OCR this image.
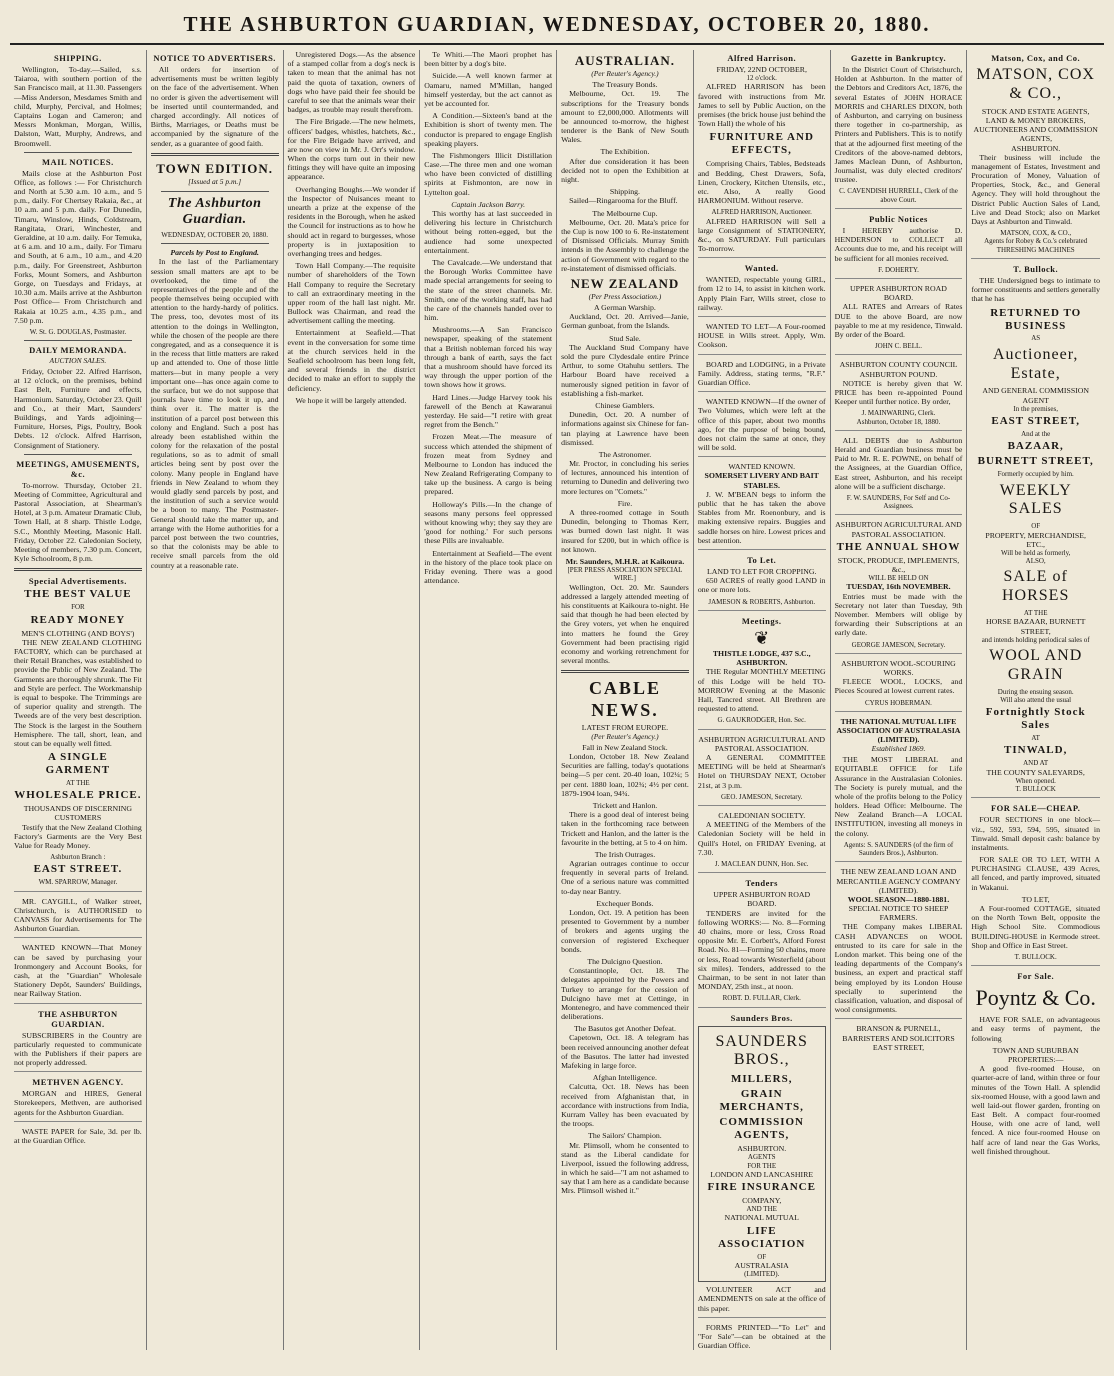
THE ASHBURTON GUARDIAN, WEDNESDAY, OCTOBER 20, 1880.
SHIPPING.

Wellington, To-day.—Sailed, s.s. Taiaroa, with southern portion of the San Francisco mail, at 11.30. Passengers—Miss Anderson, Mesdames Smith and child, Murphy, Percival, and Holmes; Captains Logan and Cameron; and Messrs Monkman, Morgan, Willis, Dalston, Watt, Murphy, Andrews, and Broomwell.

MAIL NOTICES.

Mails close at the Ashburton Post Office, as follows :— For Christchurch and North at 5.30 a.m. 10 a.m., and 5 p.m., daily. For Chertsey Rakaia, &c., at 10 a.m. and 5 p.m. daily. For Dunedin, Timaru, Winslow, Hinds, Coldstream, Rangitata, Orari, Winchester, and Geraldine, at 10 a.m. daily. For Temuka, at 6 a.m. and 10 a.m., daily. For Timaru and South, at 6 a.m., 10 a.m., and 4.20 p.m., daily. For Greenstreet, Ashburton Forks, Mount Somers, and Ashburton Gorge, on Tuesdays and Fridays, at 10.30 a.m. Mails arrive at the Ashburton Post Office— From Christchurch and Rakaia at 10.25 a.m., 4.35 p.m., and 7.50 p.m.

W. St. G. DOUGLAS, Postmaster.
DAILY MEMORANDA.
AUCTION SALES.

Friday, October 22. Alfred Harrison, at 12 o'clock, on the premises, behind East Belt, Furniture and effects, Harmonium. Saturday, October 23. Quill and Co., at their Mart, Saunders' Buildings, and Yards adjoining—Furniture, Horses, Pigs, Poultry, Book Debts. 12 o'clock. Alfred Harrison, Consignment of Stationery.

MEETINGS, AMUSEMENTS, &c.

To-morrow. Thursday, October 21. Meeting of Committee, Agricultural and Pastoral Association, at Shearman's Hotel, at 3 p.m. Amateur Dramatic Club, Town Hall, at 8 sharp. Thistle Lodge, S.C., Monthly Meeting, Masonic Hall. Friday, October 22. Caledonian Society, Meeting of members, 7.30 p.m. Concert, Kyle Schoolroom, 8 p.m.

Special Advertisements.
THE BEST VALUE
FOR
READY MONEY
MEN'S CLOTHING (AND BOYS')

THE NEW ZEALAND CLOTHING FACTORY, which can be purchased at their Retail Branches, was established to provide the Public of New Zealand. The Garments are thoroughly shrunk. The Fit and Style are perfect. The Workmanship is equal to bespoke. The Trimmings are of superior quality and strength. The Tweeds are of the very best description. The Stock is the largest in the Southern Hemisphere. The tall, short, lean, and stout can be equally well fitted.

A SINGLE GARMENT
AT THE
WHOLESALE PRICE.
THOUSANDS OF DISCERNING CUSTOMERS

Testify that the New Zealand Clothing Factory's Garments are the Very Best Value for Ready Money.

Ashburton Branch :
EAST STREET.
WM. SPARROW, Manager.

MR. CAYGILL, of Walker street, Christchurch, is AUTHORISED to CANVASS for Advertisements for The Ashburton Guardian.

WANTED KNOWN—That Money can be saved by purchasing your Ironmongery and Account Books, for cash, at the "Guardian" Wholesale Stationery Depôt, Saunders' Buildings, near Railway Station.

THE ASHBURTON GUARDIAN.

SUBSCRIBERS in the Country are particularly requested to communicate with the Publishers if their papers are not properly addressed.

METHVEN AGENCY.

MORGAN and HIRES, General Storekeepers, Methven, are authorised agents for the Ashburton Guardian.

WASTE PAPER for Sale, 3d. per lb. at the Guardian Office.

NOTICE TO ADVERTISERS.

All orders for insertion of advertisements must be written legibly on the face of the advertisement. When no order is given the advertisement will be inserted until countermanded, and charged accordingly. All notices of Births, Marriages, or Deaths must be accompanied by the signature of the sender, as a guarantee of good faith.

TOWN EDITION.
[Issued at 5 p.m.]
The Ashburton Guardian.
WEDNESDAY, OCTOBER 20, 1880.
Parcels by Post to England.

In the last of the Parliamentary session small matters are apt to be overlooked, the time of the representatives of the people and of the people themselves being occupied with attention to the hardy-hardy of politics. The press, too, devotes most of its attention to the doings in Wellington, while the chosen of the people are there congregated, and as a consequence it is in the recess that little matters are raked up and attended to. One of those little matters—but in many people a very important one—has once again come to the surface, but we do not suppose that journals have time to look it up, and think over it. The matter is the institution of a parcel post between this colony and England. Such a post has already been established within the colony for the relaxation of the postal regulations, so as to admit of small articles being sent by post over the colony. Many people in England have friends in New Zealand to whom they would gladly send parcels by post, and the institution of such a service would be a boon to many. The Postmaster-General should take the matter up, and arrange with the Home authorities for a parcel post between the two countries, so that the colonists may be able to receive small parcels from the old country at a reasonable rate.

Unregistered Dogs.—As the absence of a stamped collar from a dog's neck is taken to mean that the animal has not paid the quota of taxation, owners of dogs who have paid their fee should be careful to see that the animals wear their badges, as trouble may result therefrom.

The Fire Brigade.—The new helmets, officers' badges, whistles, hatchets, &c., for the Fire Brigade have arrived, and are now on view in Mr. J. Orr's window. When the corps turn out in their new fittings they will have quite an imposing appearance.

Overhanging Boughs.—We wonder if the Inspector of Nuisances meant to unearth a prize at the expense of the residents in the Borough, when he asked the Council for instructions as to how he should act in regard to burgesses, whose property is in juxtaposition to overhanging trees and hedges.

Town Hall Company.—The requisite number of shareholders of the Town Hall Company to require the Secretary to call an extraordinary meeting in the upper room of the hall last night. Mr. Bullock was Chairman, and read the advertisement calling the meeting.

Entertainment at Seafield.—That event in the conversation for some time at the church services held in the Seafield schoolroom has been long felt, and several friends in the district decided to make an effort to supply the deficiency.

We hope it will be largely attended.

Te Whiti.—The Maori prophet has been bitter by a dog's bite.

Suicide.—A well known farmer at Oamaru, named M'Millan, hanged himself yesterday, but the act cannot as yet be accounted for.

A Condition.—Sixteen's band at the Exhibition is short of twenty men. The conductor is prepared to engage English speaking players.

The Fishmongers Illicit Distillation Case.—The three men and one woman who have been convicted of distilling spirits at Fishmonton, are now in Lyttelton goal.

Captain Jackson Barry.

This worthy has at last succeeded in delivering his lecture in Christchurch without being rotten-egged, but the audience had some unexpected entertainment.

The Cavalcade.—We understand that the Borough Works Committee have made special arrangements for seeing to the state of the street channels. Mr. Smith, one of the working staff, has had the care of the channels handed over to him.

Mushrooms.—A San Francisco newspaper, speaking of the statement that a British nobleman forced his way through a bank of earth, says the fact that a mushroom should have forced its way through the upper portion of the town shows how it grows.

Hard Lines.—Judge Harvey took his farewell of the Bench at Kawaranui yesterday. He said—"I retire with great regret from the Bench."

Frozen Meat.—The measure of success which attended the shipment of frozen meat from Sydney and Melbourne to London has induced the New Zealand Refrigerating Company to take up the business. A cargo is being prepared.

Holloway's Pills.—In the change of seasons many persons feel oppressed without knowing why; they say they are 'good for nothing.' For such persons these Pills are invaluable.

Entertainment at Seafield—The event in the history of the place took place on Friday evening. There was a good attendance.

AUSTRALIAN.
(Per Reuter's Agency.)
The Treasury Bonds.

Melbourne, Oct. 19. The subscriptions for the Treasury bonds amount to £2,000,000. Allotments will be announced to-morrow, the highest tenderer is the Bank of New South Wales.

The Exhibition.

After due consideration it has been decided not to open the Exhibition at night.

Shipping.

Sailed—Ringarooma for the Bluff.

The Melbourne Cup.

Melbourne, Oct. 20. Mata's price for the Cup is now 100 to 6. Re-instatement of Dismissed Officials. Murray Smith intends in the Assembly to challenge the action of Government with regard to the re-instatement of dismissed officials.

NEW ZEALAND
(Per Press Association.)
A German Warship.

Auckland, Oct. 20. Arrived—Janie, German gunboat, from the Islands.

Stud Sale.

The Auckland Stud Company have sold the pure Clydesdale entire Prince Arthur, to some Otahuhu settlers. The Harbour Board have received a numerously signed petition in favor of establishing a fish-market.

Chinese Gamblers.

Dunedin, Oct. 20. A number of informations against six Chinese for fan-tan playing at Lawrence have been dismissed.

The Astronomer.

Mr. Proctor, in concluding his series of lectures, announced his intention of returning to Dunedin and delivering two more lectures on "Comets."

Fire.

A three-roomed cottage in South Dunedin, belonging to Thomas Kerr, was burned down last night. It was insured for £200, but in which office is not known.

Mr. Saunders, M.H.R. at Kaikoura.
[PER PRESS ASSOCIATION SPECIAL WIRE.]

Wellington, Oct. 20. Mr. Saunders addressed a largely attended meeting of his constituents at Kaikoura to-night. He said that though he had been elected by the Grey voters, yet when he enquired into matters he found the Grey Government had been practising rigid economy and working retrenchment for several months.

CABLE NEWS.
LATEST FROM EUROPE.
(Per Reuter's Agency.)
Fall in New Zealand Stock.

London, October 18. New Zealand Securities are falling, today's quotations being—5 per cent. 20-40 loan, 102¼; 5 per cent. 1880 loan, 102¾; 4½ per cent. 1879-1904 loan, 94¾.

Trickett and Hanlon.

There is a good deal of interest being taken in the forthcoming race between Trickett and Hanlon, and the latter is the favourite in the betting, at 5 to 4 on him.

The Irish Outrages.

Agrarian outrages continue to occur frequently in several parts of Ireland. One of a serious nature was committed to-day near Bantry.

Exchequer Bonds.

London, Oct. 19. A petition has been presented to Government by a number of brokers and agents urging the conversion of registered Exchequer bonds.

The Dulcigno Question.

Constantinople, Oct. 18. The delegates appointed by the Powers and Turkey to arrange for the cession of Dulcigno have met at Cettinge, in Montenegro, and have commenced their deliberations.

The Basutos get Another Defeat.

Capetown, Oct. 18. A telegram has been received announcing another defeat of the Basutos. The latter had invested Mafeking in large force.

Afghan Intelligence.

Calcutta, Oct. 18. News has been received from Afghanistan that, in accordance with instructions from India, Kurram Valley has been evacuated by the troops.

The Sailors' Champion.

Mr. Plimsoll, whom he consented to stand as the Liberal candidate for Liverpool, issued the following address, in which he said—"I am not ashamed to say that I am here as a candidate because Mrs. Plimsoll wished it."

Alfred Harrison.
FRIDAY, 22ND OCTOBER,
12 o'clock.

ALFRED HARRISON has been favored with instructions from Mr. James to sell by Public Auction, on the premises (the brick house just behind the Town Hall) the whole of his

FURNITURE AND EFFECTS,

Comprising Chairs, Tables, Bedsteads and Bedding, Chest Drawers, Sofa, Linen, Crockery, Kitchen Utensils, etc., etc. Also, A really Good HARMONIUM. Without reserve.

ALFRED HARRISON, Auctioneer.

ALFRED HARRISON will Sell a large Consignment of STATIONERY, &c., on SATURDAY. Full particulars To-morrow.

Wanted.

WANTED, respectable young GIRL, from 12 to 14, to assist in kitchen work. Apply Plain Farr, Wills street, close to railway.

WANTED TO LET—A Four-roomed HOUSE in Wills street. Apply, Wm. Cookson.

BOARD and LODGING, in a Private Family. Address, stating terms, "R.F." Guardian Office.

WANTED KNOWN—If the owner of Two Volumes, which were left at the office of this paper, about two months ago, for the purpose of being bound, does not claim the same at once, they will be sold.

WANTED KNOWN.
SOMERSET LIVERY AND BAIT STABLES.

J. W. M'BEAN begs to inform the public that he has taken the above Stables from Mr. Roenonbury, and is making extensive repairs. Buggies and saddle horses on hire. Lowest prices and best attention.

To Let.
LAND TO LET FOR CROPPING.

650 ACRES of really good LAND in one or more lots.

JAMESON & ROBERTS, Ashburton.
Meetings.
❦
THISTLE LODGE, 437 S.C., ASHBURTON.

THE Regular MONTHLY MEETING of this Lodge will be held TO-MORROW Evening at the Masonic Hall, Tancred street. All Brethren are requested to attend.

G. GAUKRODGER, Hon. Sec.
ASHBURTON AGRICULTURAL AND PASTORAL ASSOCIATION.

A GENERAL COMMITTEE MEETING will be held at Shearman's Hotel on THURSDAY NEXT, October 21st, at 3 p.m.

GEO. JAMESON, Secretary.
CALEDONIAN SOCIETY.

A MEETING of the Members of the Caledonian Society will be held in Quill's Hotel, on FRIDAY Evening, at 7.30.

J. MACLEAN DUNN, Hon. Sec.
Tenders
UPPER ASHBURTON ROAD BOARD.

TENDERS are invited for the following WORKS:— No. 8—Forming 40 chains, more or less, Cross Road opposite Mr. E. Corbett's, Alford Forest Road. No. 81—Forming 50 chains, more or less, Road towards Westerfield (about six miles). Tenders, addressed to the Chairman, to be sent in not later than MONDAY, 25th inst., at noon.

ROBT. D. FULLAR, Clerk.
Saunders Bros.
SAUNDERS BROS.,
MILLERS,
GRAIN MERCHANTS,
COMMISSION AGENTS,
ASHBURTON.
AGENTS
FOR THE
LONDON AND LANCASHIRE
FIRE INSURANCE
COMPANY,
AND THE
NATIONAL MUTUAL
LIFE ASSOCIATION
OF
AUSTRALASIA
(LIMITED).

VOLUNTEER ACT and AMENDMENTS on sale at the office of this paper.

FORMS PRINTED—"To Let" and "For Sale"—can be obtained at the Guardian Office.

Gazette in Bankruptcy.

In the District Court of Christchurch, Holden at Ashburton. In the matter of the Debtors and Creditors Act, 1876, the several Estates of JOHN HORACE MORRIS and CHARLES DIXON, both of Ashburton, and carrying on business there together in co-partnership, as Printers and Publishers. This is to notify that at the adjourned first meeting of the Creditors of the above-named debtors, James Maclean Dunn, of Ashburton, Journalist, was duly elected creditors' trustee.

C. CAVENDISH HURRELL, Clerk of the above Court.
Public Notices

I HEREBY authorise D. HENDERSON to COLLECT all Accounts due to me, and his receipt will be sufficient for all monies received.

F. DOHERTY.
UPPER ASHBURTON ROAD BOARD.

ALL RATES and Arrears of Rates DUE to the above Board, are now payable to me at my residence, Tinwald. By order of the Board.

JOHN C. BELL.
ASHBURTON COUNTY COUNCIL
ASHBURTON POUND.

NOTICE is hereby given that W. PRICE has been re-appointed Pound Keeper until further notice. By order,

J. MAINWARING, Clerk.
Ashburton, October 18, 1880.

ALL DEBTS due to Ashburton Herald and Guardian business must be Paid to Mr. R. E. POWNE, on behalf of the Assignees, at the Guardian Office, East street, Ashburton, and his receipt alone will be a sufficient discharge.

F. W. SAUNDERS, For Self and Co-Assignees.
ASHBURTON AGRICULTURAL AND PASTORAL ASSOCIATION.
THE ANNUAL SHOW
STOCK, PRODUCE, IMPLEMENTS, &c.,
WILL BE HELD ON
TUESDAY, 16th NOVEMBER.

Entries must be made with the Secretary not later than Tuesday, 9th November. Members will oblige by forwarding their Subscriptions at an early date.

GEORGE JAMESON, Secretary.
ASHBURTON WOOL-SCOURING WORKS.

FLEECE WOOL, LOCKS, and Pieces Scoured at lowest current rates.

CYRUS HOBERMAN.
THE NATIONAL MUTUAL LIFE ASSOCIATION OF AUSTRALASIA (LIMITED).
Established 1869.

THE MOST LIBERAL and EQUITABLE OFFICE for Life Assurance in the Australasian Colonies. The Society is purely mutual, and the whole of the profits belong to the Policy holders. Head Office: Melbourne. The New Zealand Branch—A LOCAL INSTITUTION, investing all moneys in the colony.

Agents: S. SAUNDERS (of the firm of Saunders Bros.), Ashburton.
THE NEW ZEALAND LOAN AND MERCANTILE AGENCY COMPANY (LIMITED).
WOOL SEASON—1880-1881.
SPECIAL NOTICE TO SHEEP FARMERS.

THE Company makes LIBERAL CASH ADVANCES on WOOL entrusted to its care for sale in the London market. This being one of the leading departments of the Company's business, an expert and practical staff being employed by its London House specially to superintend the classification, valuation, and disposal of wool consignments.

BRANSON & PURNELL,
BARRISTERS AND SOLICITORS
EAST STREET,
Matson, Cox, and Co.
MATSON, COX & CO.,
STOCK AND ESTATE AGENTS,
LAND & MONEY BROKERS,
AUCTIONEERS AND COMMISSION
AGENTS,
ASHBURTON.

Their business will include the management of Estates, Investment and Procuration of Money, Valuation of Properties, Stock, &c., and General Agency. They will hold throughout the District Public Auction Sales of Land, Live and Dead Stock; also on Market Days at Ashburton and Tinwald.

MATSON, COX, & CO.,
Agents for Robey & Co.'s celebrated THRESHING MACHINES
T. Bullock.

THE Undersigned begs to intimate to former constituents and settlers generally that he has

RETURNED TO BUSINESS
AS
Auctioneer, Estate,
AND GENERAL COMMISSION AGENT
In the premises,
EAST STREET,
And at the
BAZAAR,
BURNETT STREET,
Formerly occupied by him.
WEEKLY SALES
OF
PROPERTY, MERCHANDISE,
ETC.,
Will be held as formerly,
ALSO,
SALE of HORSES
AT THE
HORSE BAZAAR, BURNETT STREET,
and intends holding periodical sales of
WOOL AND GRAIN
During the ensuing season.
Will also attend the usual
Fortnightly Stock Sales
AT
TINWALD,
AND AT
THE COUNTY SALEYARDS,
When opened.
T. BULLOCK
FOR SALE—CHEAP.

FOUR SECTIONS in one block—viz., 592, 593, 594, 595, situated in Tinwald. Small deposit cash: balance by instalments.

FOR SALE OR TO LET, WITH A PURCHASING CLAUSE, 439 Acres, all fenced, and partly improved, situated in Wakanui.

TO LET,

A Four-roomed COTTAGE, situated on the North Town Belt, opposite the High School Site. Commodious BUILDING-HOUSE in Kermode street. Shop and Office in East Street.

T. BULLOCK.
For Sale.
Poyntz & Co.

HAVE FOR SALE, on advantageous and easy terms of payment, the following

TOWN AND SUBURBAN PROPERTIES:—

A good five-roomed House, on quarter-acre of land, within three or four minutes of the Town Hall. A splendid six-roomed House, with a good lawn and well laid-out flower garden, fronting on East Belt. A compact four-roomed House, with one acre of land, well fenced. A nice four-roomed House on half acre of land near the Gas Works, well finished throughout.
